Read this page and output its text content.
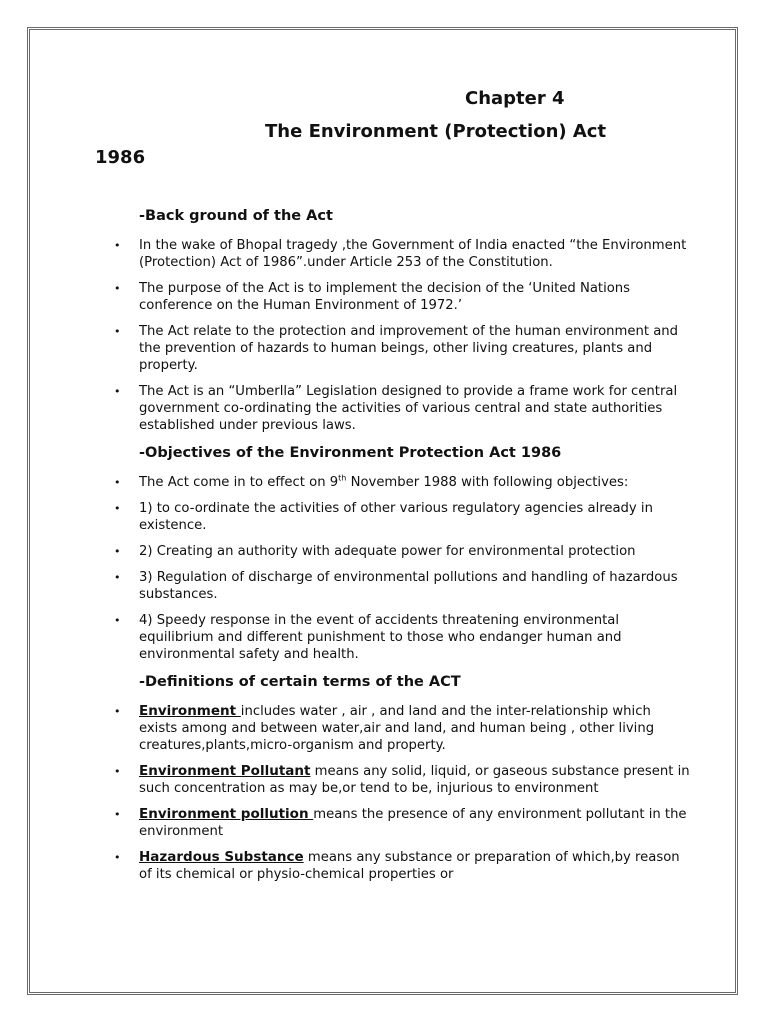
Chapter 4
The Environment (Protection) Act
1986
-Back ground of the Act
• In the wake of Bhopal tragedy ,the Government of India enacted “the Environment (Protection) Act of 1986”.under Article 253 of the Constitution.
• The purpose of the Act is to implement the decision of the ‘United Nations conference on the Human Environment of 1972.’
• The Act relate to the protection and improvement of the human environment and the prevention of hazards to human beings, other living creatures, plants and property.
• The Act is an “Umberlla” Legislation designed to provide a frame work for central government co-ordinating the activities of various central and state authorities established under previous laws.
-Objectives of the Environment Protection Act 1986
• The Act come in to effect on 9th November 1988 with following objectives:
• 1) to co-ordinate the activities of other various regulatory agencies already in existence.
• 2) Creating an authority with adequate power for environmental protection
• 3) Regulation of discharge of environmental pollutions and handling of hazardous substances.
• 4) Speedy response in the event of accidents threatening environmental equilibrium and different punishment to those who endanger human and environmental safety and health.
-Definitions of certain terms of the ACT
• Environment includes water , air , and land and the inter-relationship which exists among and between water,air and land, and human being , other living creatures,plants,micro-organism and property.
• Environment Pollutant means any solid, liquid, or gaseous substance present in such concentration as may be,or tend to be, injurious to environment
• Environment pollution means the presence of any environment pollutant in the environment
• Hazardous Substance means any substance or preparation of which,by reason of its chemical or physio-chemical properties or
